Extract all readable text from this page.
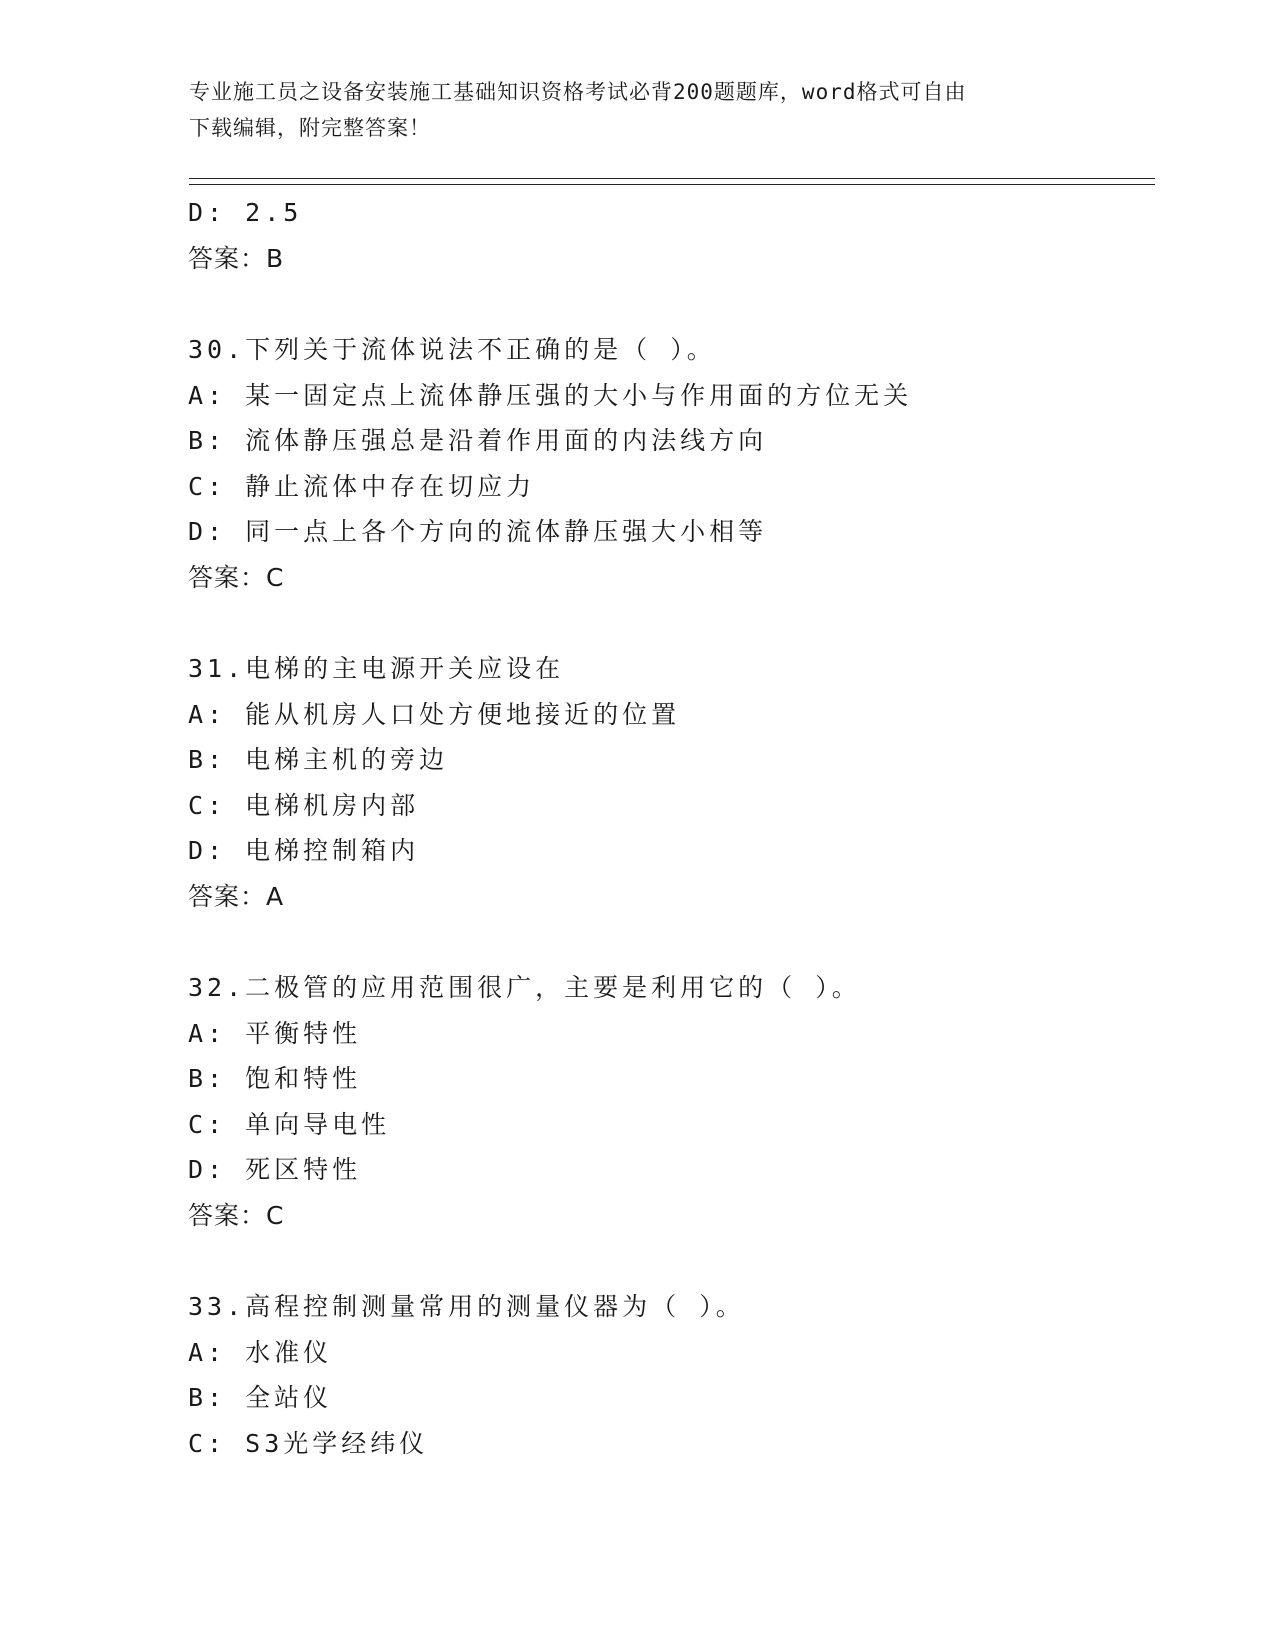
专业施工员之设备安装施工基础知识资格考试必背200题题库，word格式可自由
下载编辑，附完整答案！
D: 2.5
答案：B
30.下列关于流体说法不正确的是（ ）。
A: 某一固定点上流体静压强的大小与作用面的方位无关
B: 流体静压强总是沿着作用面的内法线方向
C: 静止流体中存在切应力
D: 同一点上各个方向的流体静压强大小相等
答案：C
31.电梯的主电源开关应设在
A: 能从机房人口处方便地接近的位置
B: 电梯主机的旁边
C: 电梯机房内部
D: 电梯控制箱内
答案：A
32.二极管的应用范围很广，主要是利用它的（ ）。
A: 平衡特性
B: 饱和特性
C: 单向导电性
D: 死区特性
答案：C
33.高程控制测量常用的测量仪器为（ ）。
A: 水准仪
B: 全站仪
C: S3光学经纬仪
